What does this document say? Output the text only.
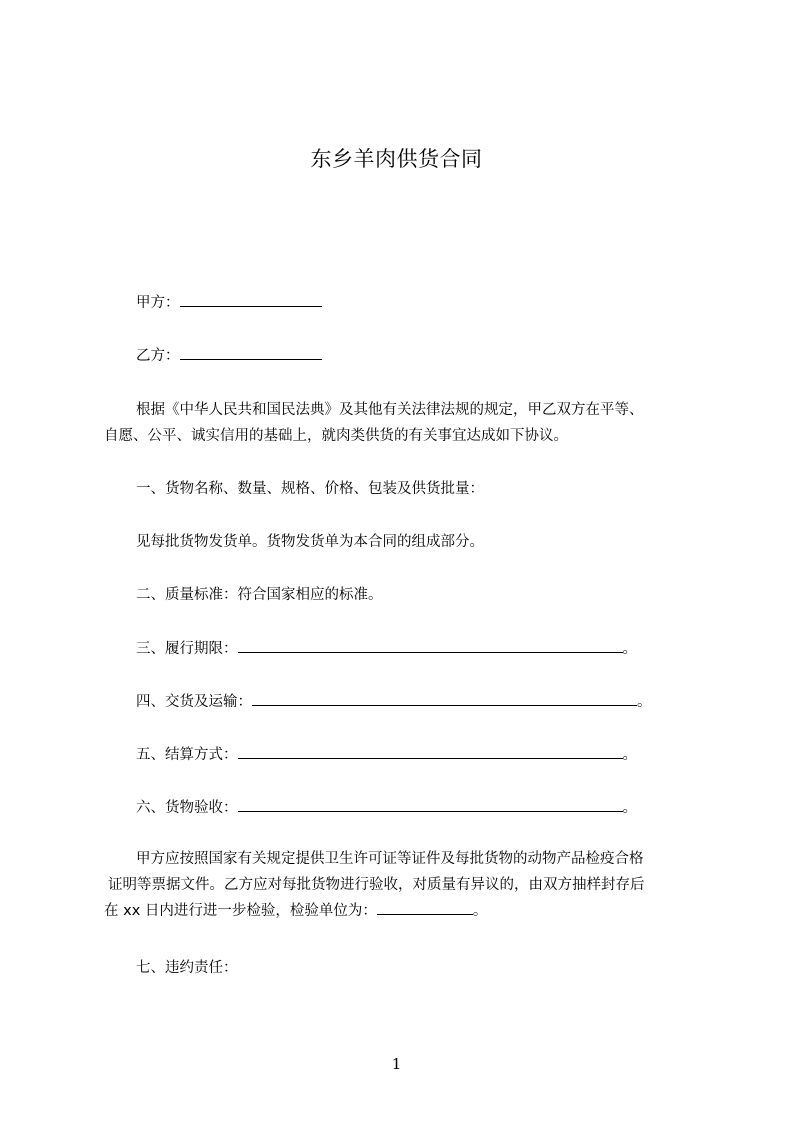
东乡羊肉供货合同
甲方：
乙方：
根据《中华人民共和国民法典》及其他有关法律法规的规定，甲乙双方在平等、
自愿、公平、诚实信用的基础上，就肉类供货的有关事宜达成如下协议。
一、货物名称、数量、规格、价格、包装及供货批量：
见每批货物发货单。货物发货单为本合同的组成部分。
二、质量标准：符合国家相应的标准。
三、履行期限：	。
四、交货及运输：	。
五、结算方式：	。
六、货物验收：	。
甲方应按照国家有关规定提供卫生许可证等证件及每批货物的动物产品检疫合格
证明等票据文件。乙方应对每批货物进行验收，对质量有异议的，由双方抽样封存后
在 xx 日内进行进一步检验，检验单位为：	。
七、违约责任：
1
